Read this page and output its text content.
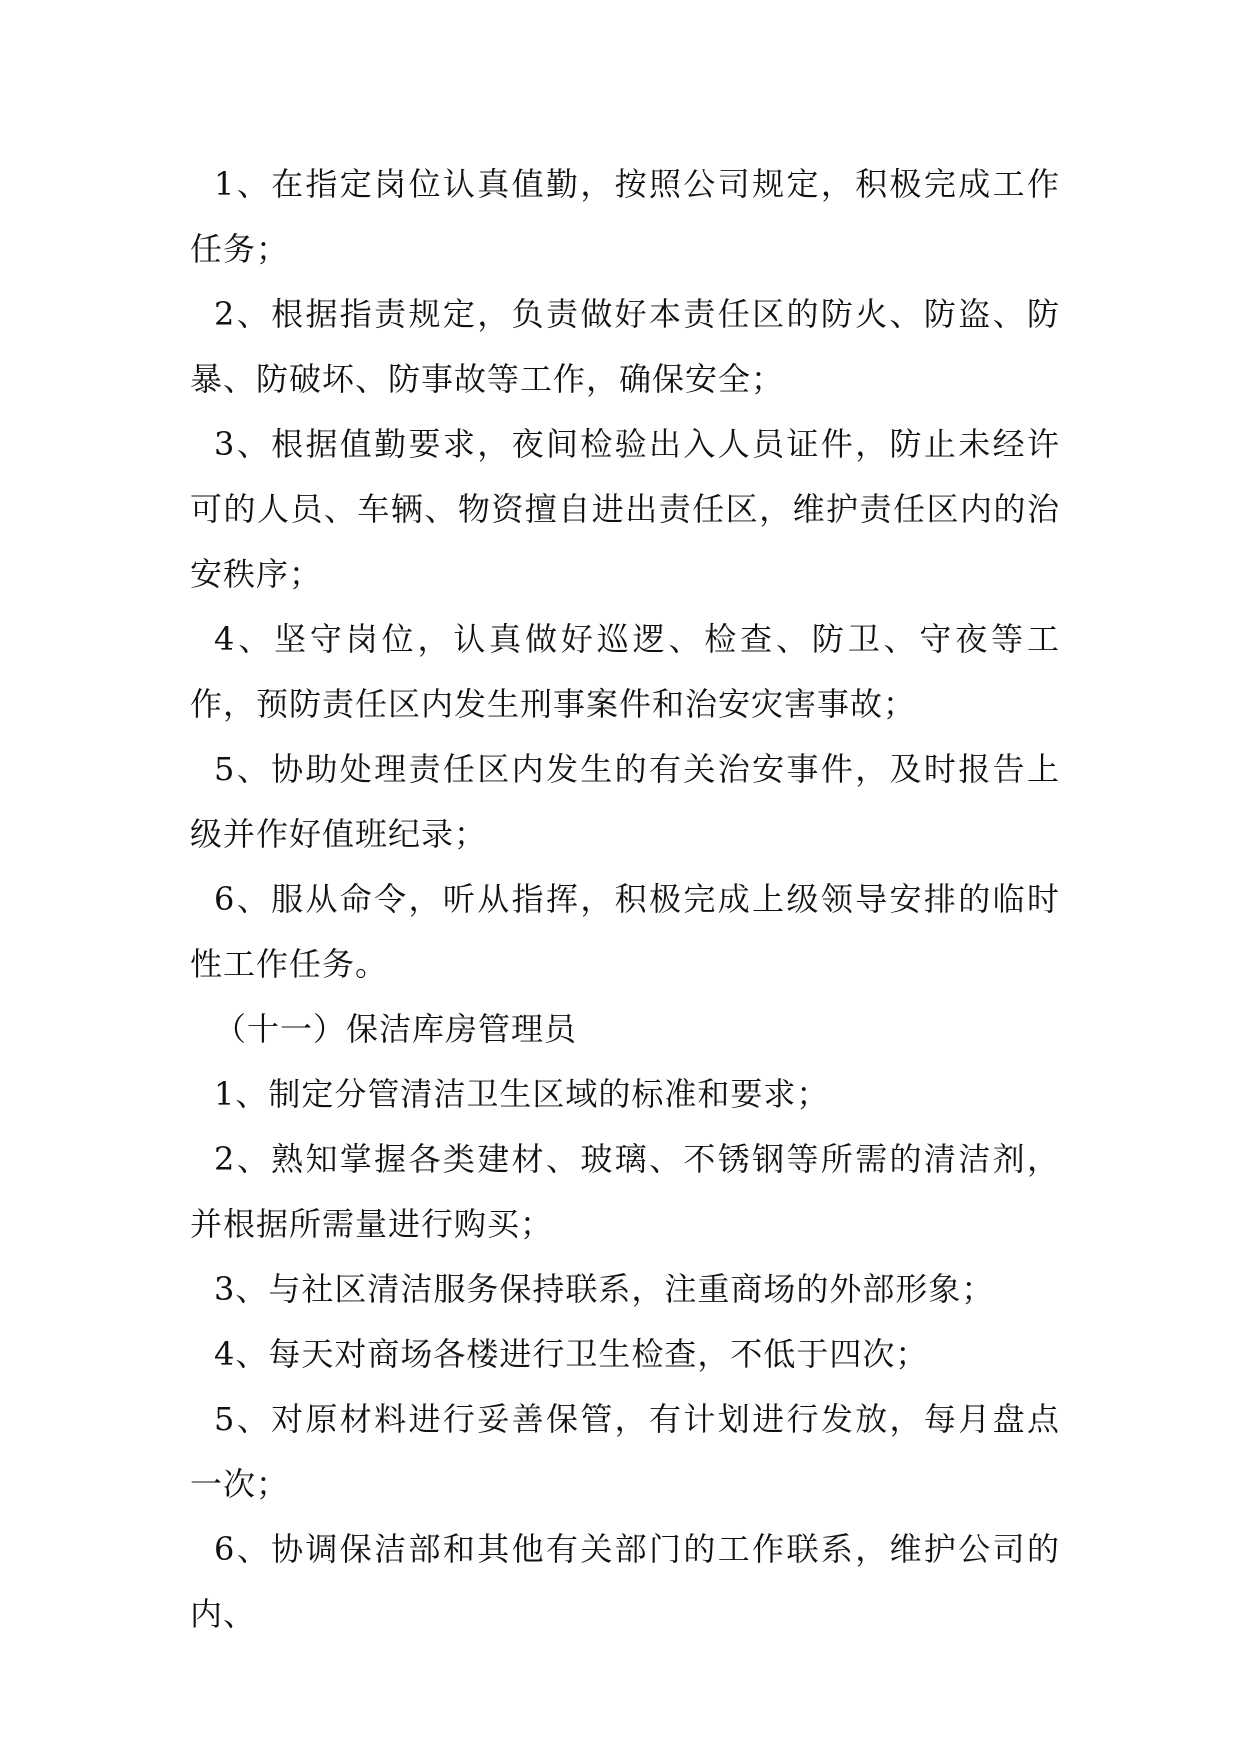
1、在指定岗位认真值勤，按照公司规定，积极完成工作任务；

2、根据指责规定，负责做好本责任区的防火、防盗、防暴、防破坏、防事故等工作，确保安全；

3、根据值勤要求，夜间检验出入人员证件，防止未经许可的人员、车辆、物资擅自进出责任区，维护责任区内的治安秩序；

4、坚守岗位，认真做好巡逻、检查、防卫、守夜等工作，预防责任区内发生刑事案件和治安灾害事故；

5、协助处理责任区内发生的有关治安事件，及时报告上级并作好值班纪录；

6、服从命令，听从指挥，积极完成上级领导安排的临时性工作任务。

（十一）保洁库房管理员

1、制定分管清洁卫生区域的标准和要求；

2、熟知掌握各类建材、玻璃、不锈钢等所需的清洁剂，并根据所需量进行购买；

3、与社区清洁服务保持联系，注重商场的外部形象；

4、每天对商场各楼进行卫生检查，不低于四次；

5、对原材料进行妥善保管，有计划进行发放，每月盘点一次；

6、协调保洁部和其他有关部门的工作联系，维护公司的内、
